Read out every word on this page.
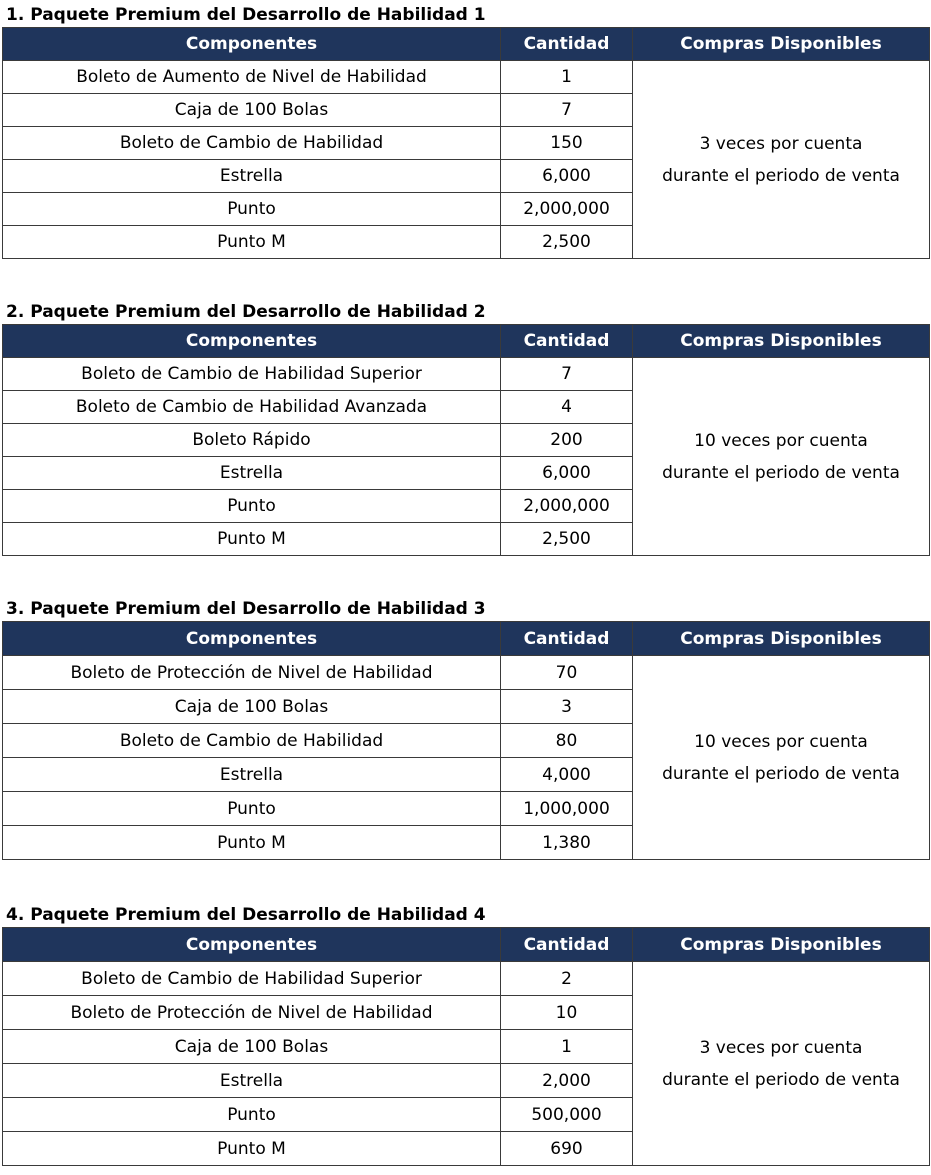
1. Paquete Premium del Desarrollo de Habilidad 1
Componentes	Cantidad	Compras Disponibles
Boleto de Aumento de Nivel de Habilidad	1	3 veces por cuenta
durante el periodo de venta

Caja de 100 Bolas	7	
Boleto de Cambio de Habilidad	150	
Estrella	6,000	
Punto	2,000,000	
Punto M	2,500	
2. Paquete Premium del Desarrollo de Habilidad 2
Componentes	Cantidad	Compras Disponibles
Boleto de Cambio de Habilidad Superior	7	10 veces por cuenta
durante el periodo de venta

Boleto de Cambio de Habilidad Avanzada	4	
Boleto Rápido	200	
Estrella	6,000	
Punto	2,000,000	
Punto M	2,500	
3. Paquete Premium del Desarrollo de Habilidad 3
Componentes	Cantidad	Compras Disponibles
Boleto de Protección de Nivel de Habilidad	70	10 veces por cuenta
durante el periodo de venta

Caja de 100 Bolas	3	
Boleto de Cambio de Habilidad	80	
Estrella	4,000	
Punto	1,000,000	
Punto M	1,380	
4. Paquete Premium del Desarrollo de Habilidad 4
Componentes	Cantidad	Compras Disponibles
Boleto de Cambio de Habilidad Superior	2	3 veces por cuenta
durante el periodo de venta

Boleto de Protección de Nivel de Habilidad	10	
Caja de 100 Bolas	1	
Estrella	2,000	
Punto	500,000	
Punto M	690	
